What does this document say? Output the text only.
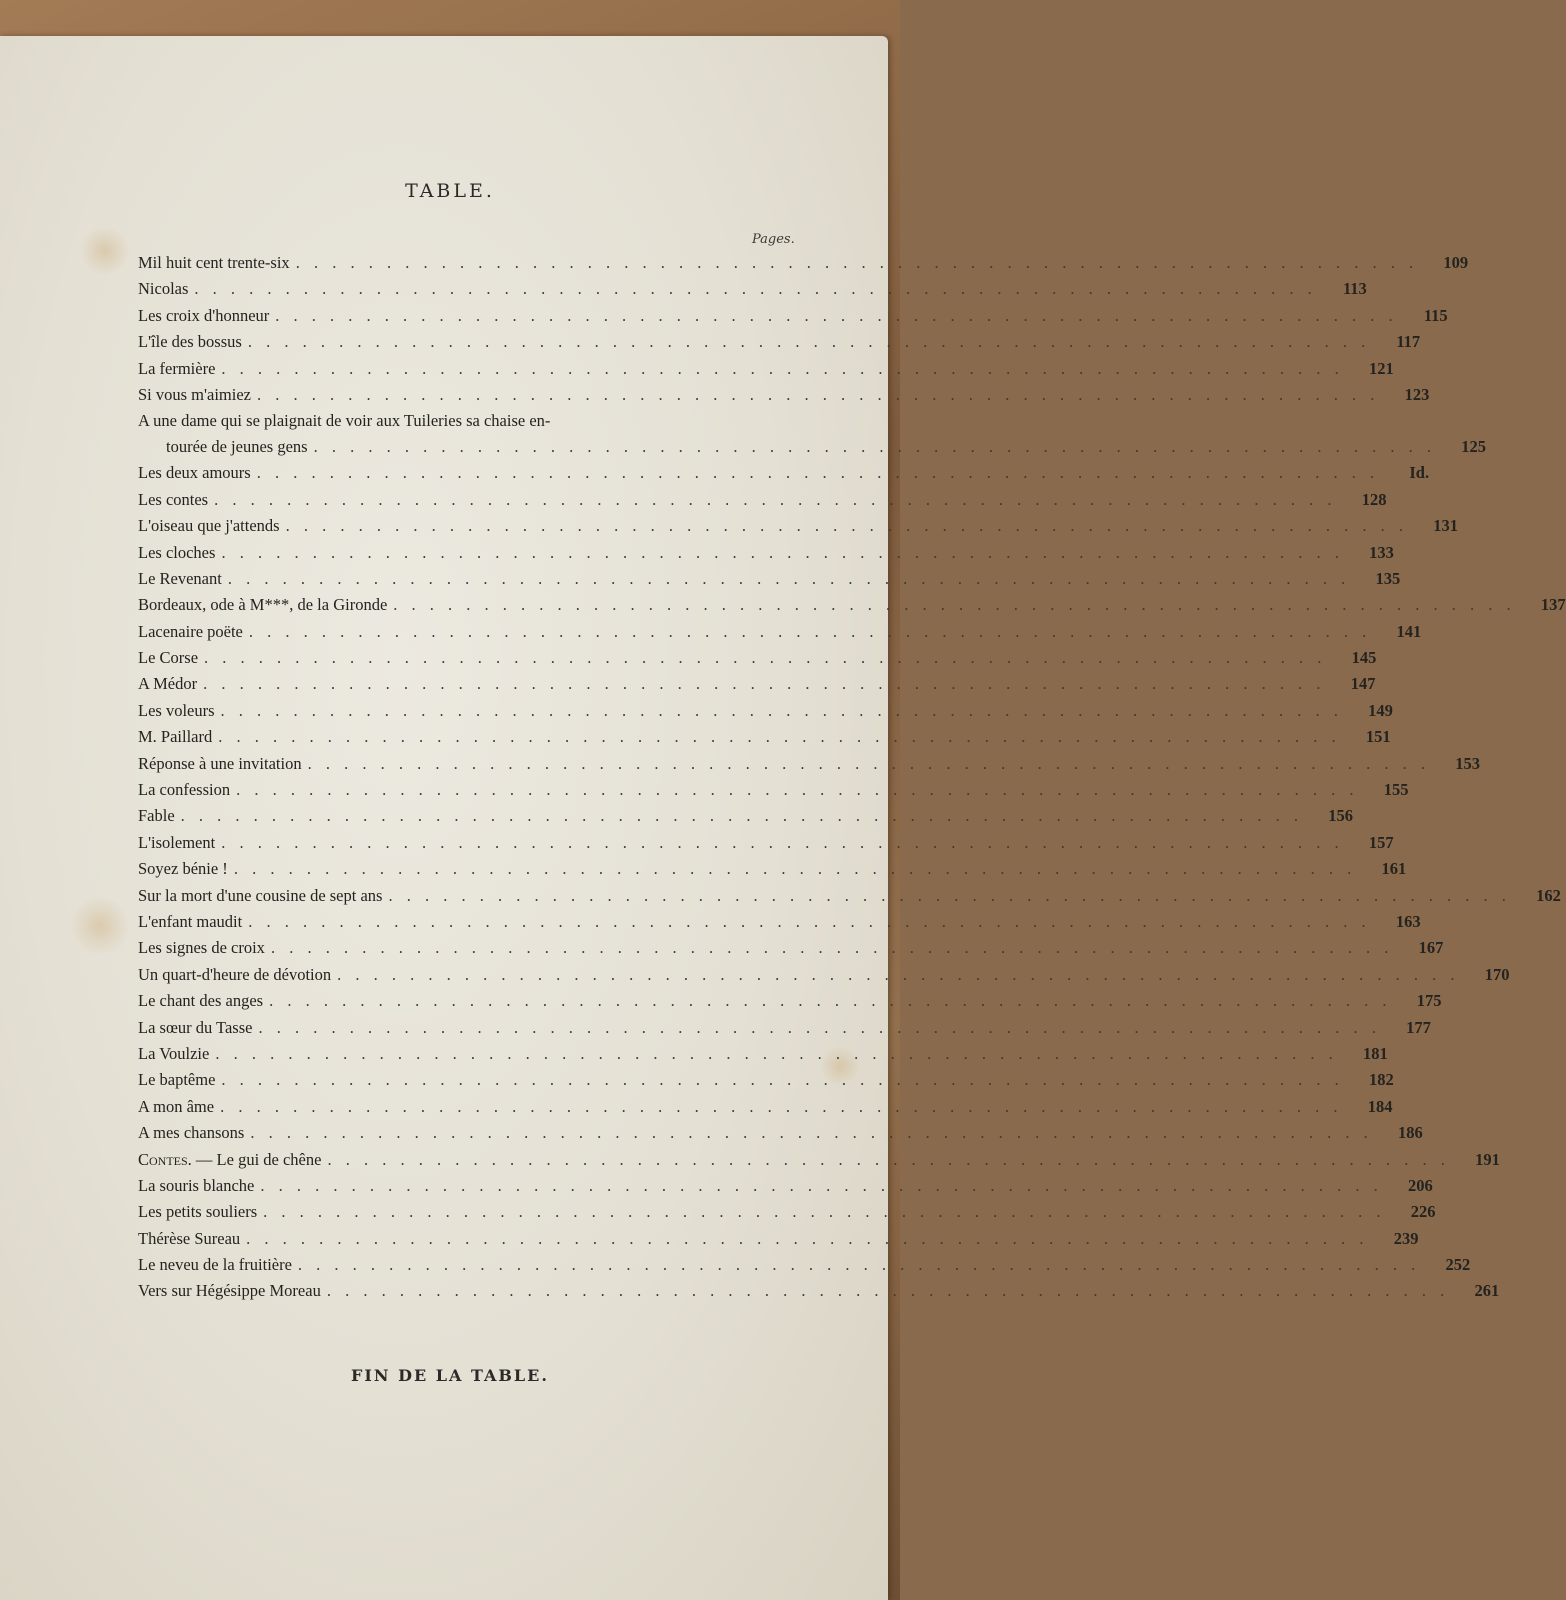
TABLE.
Pages.
Mil huit cent trente-six . . .	109
Nicolas . . .	113
Les croix d'honneur . . .	115
L'île des bossus . . .	117
La fermière . . .	121
Si vous m'aimiez . . .	123
A une dame qui se plaignait de voir aux Tuileries sa chaise en-
tourée de jeunes gens . . .	125
Les deux amours . . .	Id.
Les contes . . .	128
L'oiseau que j'attends . . .	131
Les cloches . . .	133
Le Revenant . . .	135
Bordeaux, ode à M***, de la Gironde . . .	137
Lacenaire poëte . . .	141
Le Corse . . .	145
A Médor . . .	147
Les voleurs . . .	149
M. Paillard . . .	151
Réponse à une invitation . . .	153
La confession . . .	155
Fable . . .	156
L'isolement . . .	157
Soyez bénie ! . . .	161
Sur la mort d'une cousine de sept ans . . .	162
L'enfant maudit . . .	163
Les signes de croix . . .	167
Un quart-d'heure de dévotion . . .	170
Le chant des anges . . .	175
La sœur du Tasse . . .	177
La Voulzie . . .	181
Le baptême . . .	182
A mon âme . . .	184
A mes chansons . . .	186
Contes. — Le gui de chêne . . .	191
La souris blanche . . .	206
Les petits souliers . . .	226
Thérèse Sureau . . .	239
Le neveu de la fruitière . . .	252
Vers sur Hégésippe Moreau . . .	261
FIN DE LA TABLE.
